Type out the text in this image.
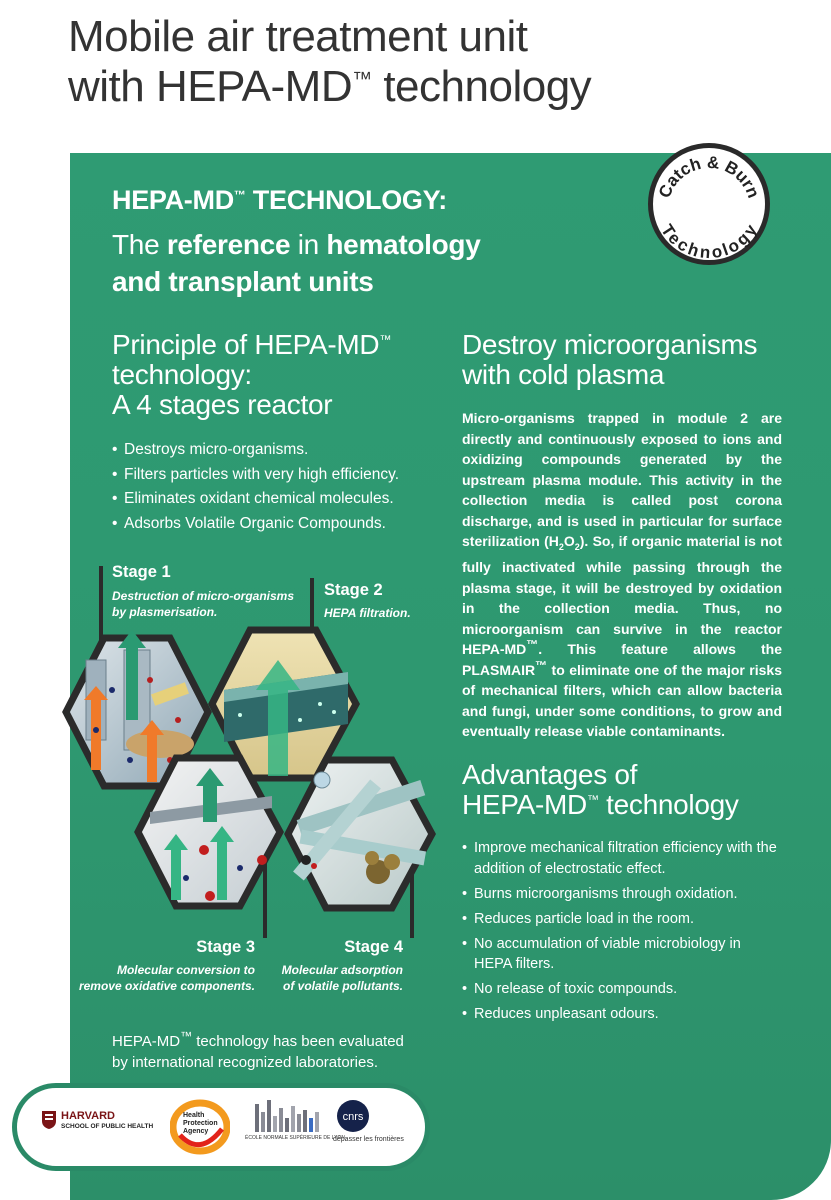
Mobile air treatment unit
with HEPA-MD™ technology
Catch & Burn
Technology
HEPA-MD™ TECHNOLOGY:
The reference in hematology and transplant units
Principle of HEPA-MD™
technology:
A 4 stages reactor
• Destroys micro-organisms.
• Filters particles with very high efficiency.
• Eliminates oxidant chemical molecules.
• Adsorbs Volatile Organic Compounds.
Stage 1
Destruction of micro-organisms
by plasmerisation.
Stage 2
HEPA filtration.
Stage 3
Molecular conversion to
remove oxidative components.
Stage 4
Molecular adsorption
of volatile pollutants.
Destroy microorganisms
with cold plasma
Micro-organisms trapped in module 2 are directly and continuously exposed to ions and oxidizing compounds generated by the upstream plasma module. This activity in the collection media is called post corona discharge, and is used in particular for surface sterilization $(H_2O_2)$. So, if organic material is not fully inactivated while passing through the plasma stage, it will be destroyed by oxidation in the collection media. Thus, no microorganism can survive in the reactor HEPA-MD™. This feature allows the PLASMAIR™ to eliminate one of the major risks of mechanical filters, which can allow bacteria and fungi, under some conditions, to grow and eventually release viable contaminants.
Advantages of
HEPA-MD™ technology
• Improve mechanical filtration efficiency with the addition of electrostatic effect.
• Burns microorganisms through oxidation.
• Reduces particle load in the room.
• No accumulation of viable microbiology in HEPA filters.
• No release of toxic compounds.
• Reduces unpleasant odours.
HEPA-MD™ technology has been evaluated by international recognized laboratories.
HARVARD
SCHOOL OF PUBLIC HEALTH
Health
Protection
Agency
ÉCOLE NORMALE SUPÉRIEURE DE LYON
cnrs
dépasser les frontières
